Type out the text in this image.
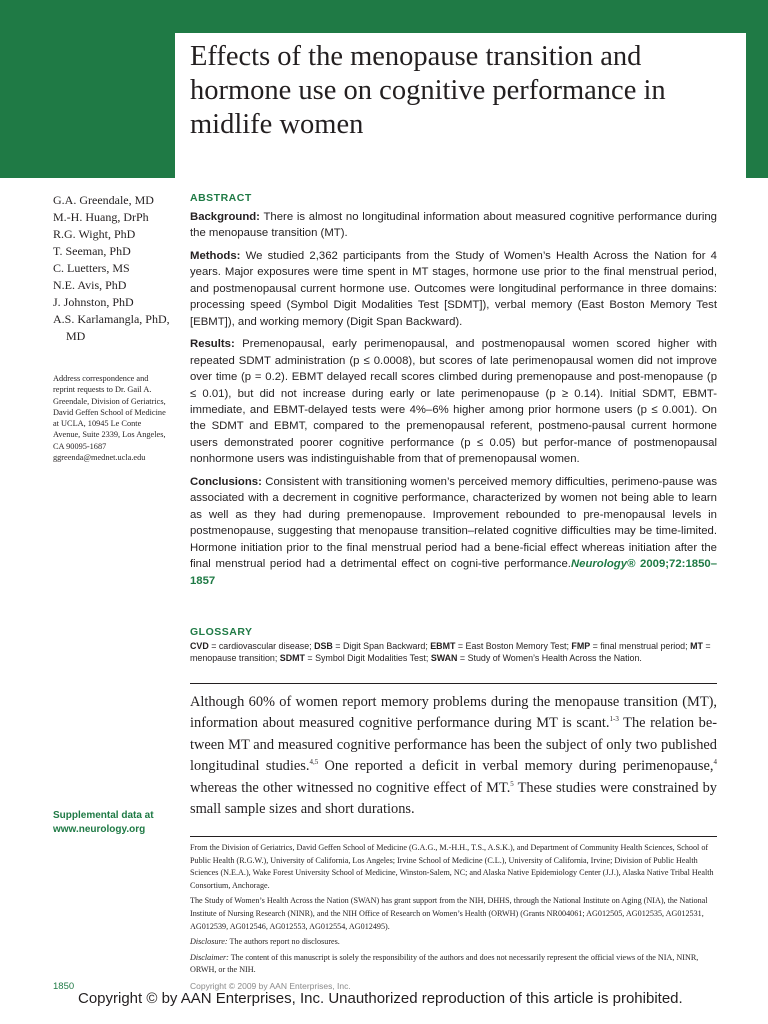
Effects of the menopause transition and hormone use on cognitive performance in midlife women
G.A. Greendale, MD
M.-H. Huang, DrPh
R.G. Wight, PhD
T. Seeman, PhD
C. Luetters, MS
N.E. Avis, PhD
J. Johnston, PhD
A.S. Karlamangla, PhD,
MD
Address correspondence and
reprint requests to Dr. Gail A.
Greendale, Division of Geriatrics,
David Geffen School of Medicine
at UCLA, 10945 Le Conte
Avenue, Suite 2339, Los Angeles,
CA 90095-1687
ggreenda@mednet.ucla.edu
Supplemental data at
www.neurology.org
ABSTRACT

Background: There is almost no longitudinal information about measured cognitive performance during the menopause transition (MT).

Methods: We studied 2,362 participants from the Study of Women’s Health Across the Nation for 4 years. Major exposures were time spent in MT stages, hormone use prior to the final menstrual period, and postmenopausal current hormone use. Outcomes were longitudinal performance in three domains: processing speed (Symbol Digit Modalities Test [SDMT]), verbal memory (East Boston Memory Test [EBMT]), and working memory (Digit Span Backward).

Results: Premenopausal, early perimenopausal, and postmenopausal women scored higher with repeated SDMT administration (p ≤ 0.0008), but scores of late perimenopausal women did not improve over time (p = 0.2). EBMT delayed recall scores climbed during premenopause and post-menopause (p ≤ 0.01), but did not increase during early or late perimenopause (p ≥ 0.14). Initial SDMT, EBMT-immediate, and EBMT-delayed tests were 4%–6% higher among prior hormone users (p ≤ 0.001). On the SDMT and EBMT, compared to the premenopausal referent, postmeno-pausal current hormone users demonstrated poorer cognitive performance (p ≤ 0.05) but perfor-mance of postmenopausal nonhormone users was indistinguishable from that of premenopausal women.

Conclusions: Consistent with transitioning women’s perceived memory difficulties, perimeno-pause was associated with a decrement in cognitive performance, characterized by women not being able to learn as well as they had during premenopause. Improvement rebounded to pre-menopausal levels in postmenopause, suggesting that menopause transition–related cognitive difficulties may be time-limited. Hormone initiation prior to the final menstrual period had a bene-ficial effect whereas initiation after the final menstrual period had a detrimental effect on cogni-tive performance.Neurology® 2009;72:1850–1857

GLOSSARY
CVD = cardiovascular disease; DSB = Digit Span Backward; EBMT = East Boston Memory Test; FMP = final menstrual period; MT = menopause transition; SDMT = Symbol Digit Modalities Test; SWAN = Study of Women’s Health Across the Nation.
Although 60% of women report memory problems during the menopause transition (MT), information about measured cognitive performance during MT is scant.$^{1-3}$ The relation be-tween MT and measured cognitive performance has been the subject of only two published longitudinal studies.$^{4,5}$ One reported a deficit in verbal memory during perimenopause,$^4$ whereas the other witnessed no cognitive effect of MT.$^5$ These studies were constrained by small sample sizes and short durations.

From the Division of Geriatrics, David Geffen School of Medicine (G.A.G., M.-H.H., T.S., A.S.K.), and Department of Community Health Sciences, School of Public Health (R.G.W.), University of California, Los Angeles; Irvine School of Medicine (C.L.), University of California, Irvine; Division of Public Health Sciences (N.E.A.), Wake Forest University School of Medicine, Winston-Salem, NC; and Alaska Native Epidemiology Center (J.J.), Alaska Native Tribal Health Consortium, Anchorage.

The Study of Women’s Health Across the Nation (SWAN) has grant support from the NIH, DHHS, through the National Institute on Aging (NIA), the National Institute of Nursing Research (NINR), and the NIH Office of Research on Women’s Health (ORWH) (Grants NR004061; AG012505, AG012535, AG012531, AG012539, AG012546, AG012553, AG012554, AG012495).

Disclosure: The authors report no disclosures.

Disclaimer: The content of this manuscript is solely the responsibility of the authors and does not necessarily represent the official views of the NIA, NINR, ORWH, or the NIH.

1850	Copyright © 2009 by AAN Enterprises, Inc.
Copyright © by AAN Enterprises, Inc. Unauthorized reproduction of this article is prohibited.
